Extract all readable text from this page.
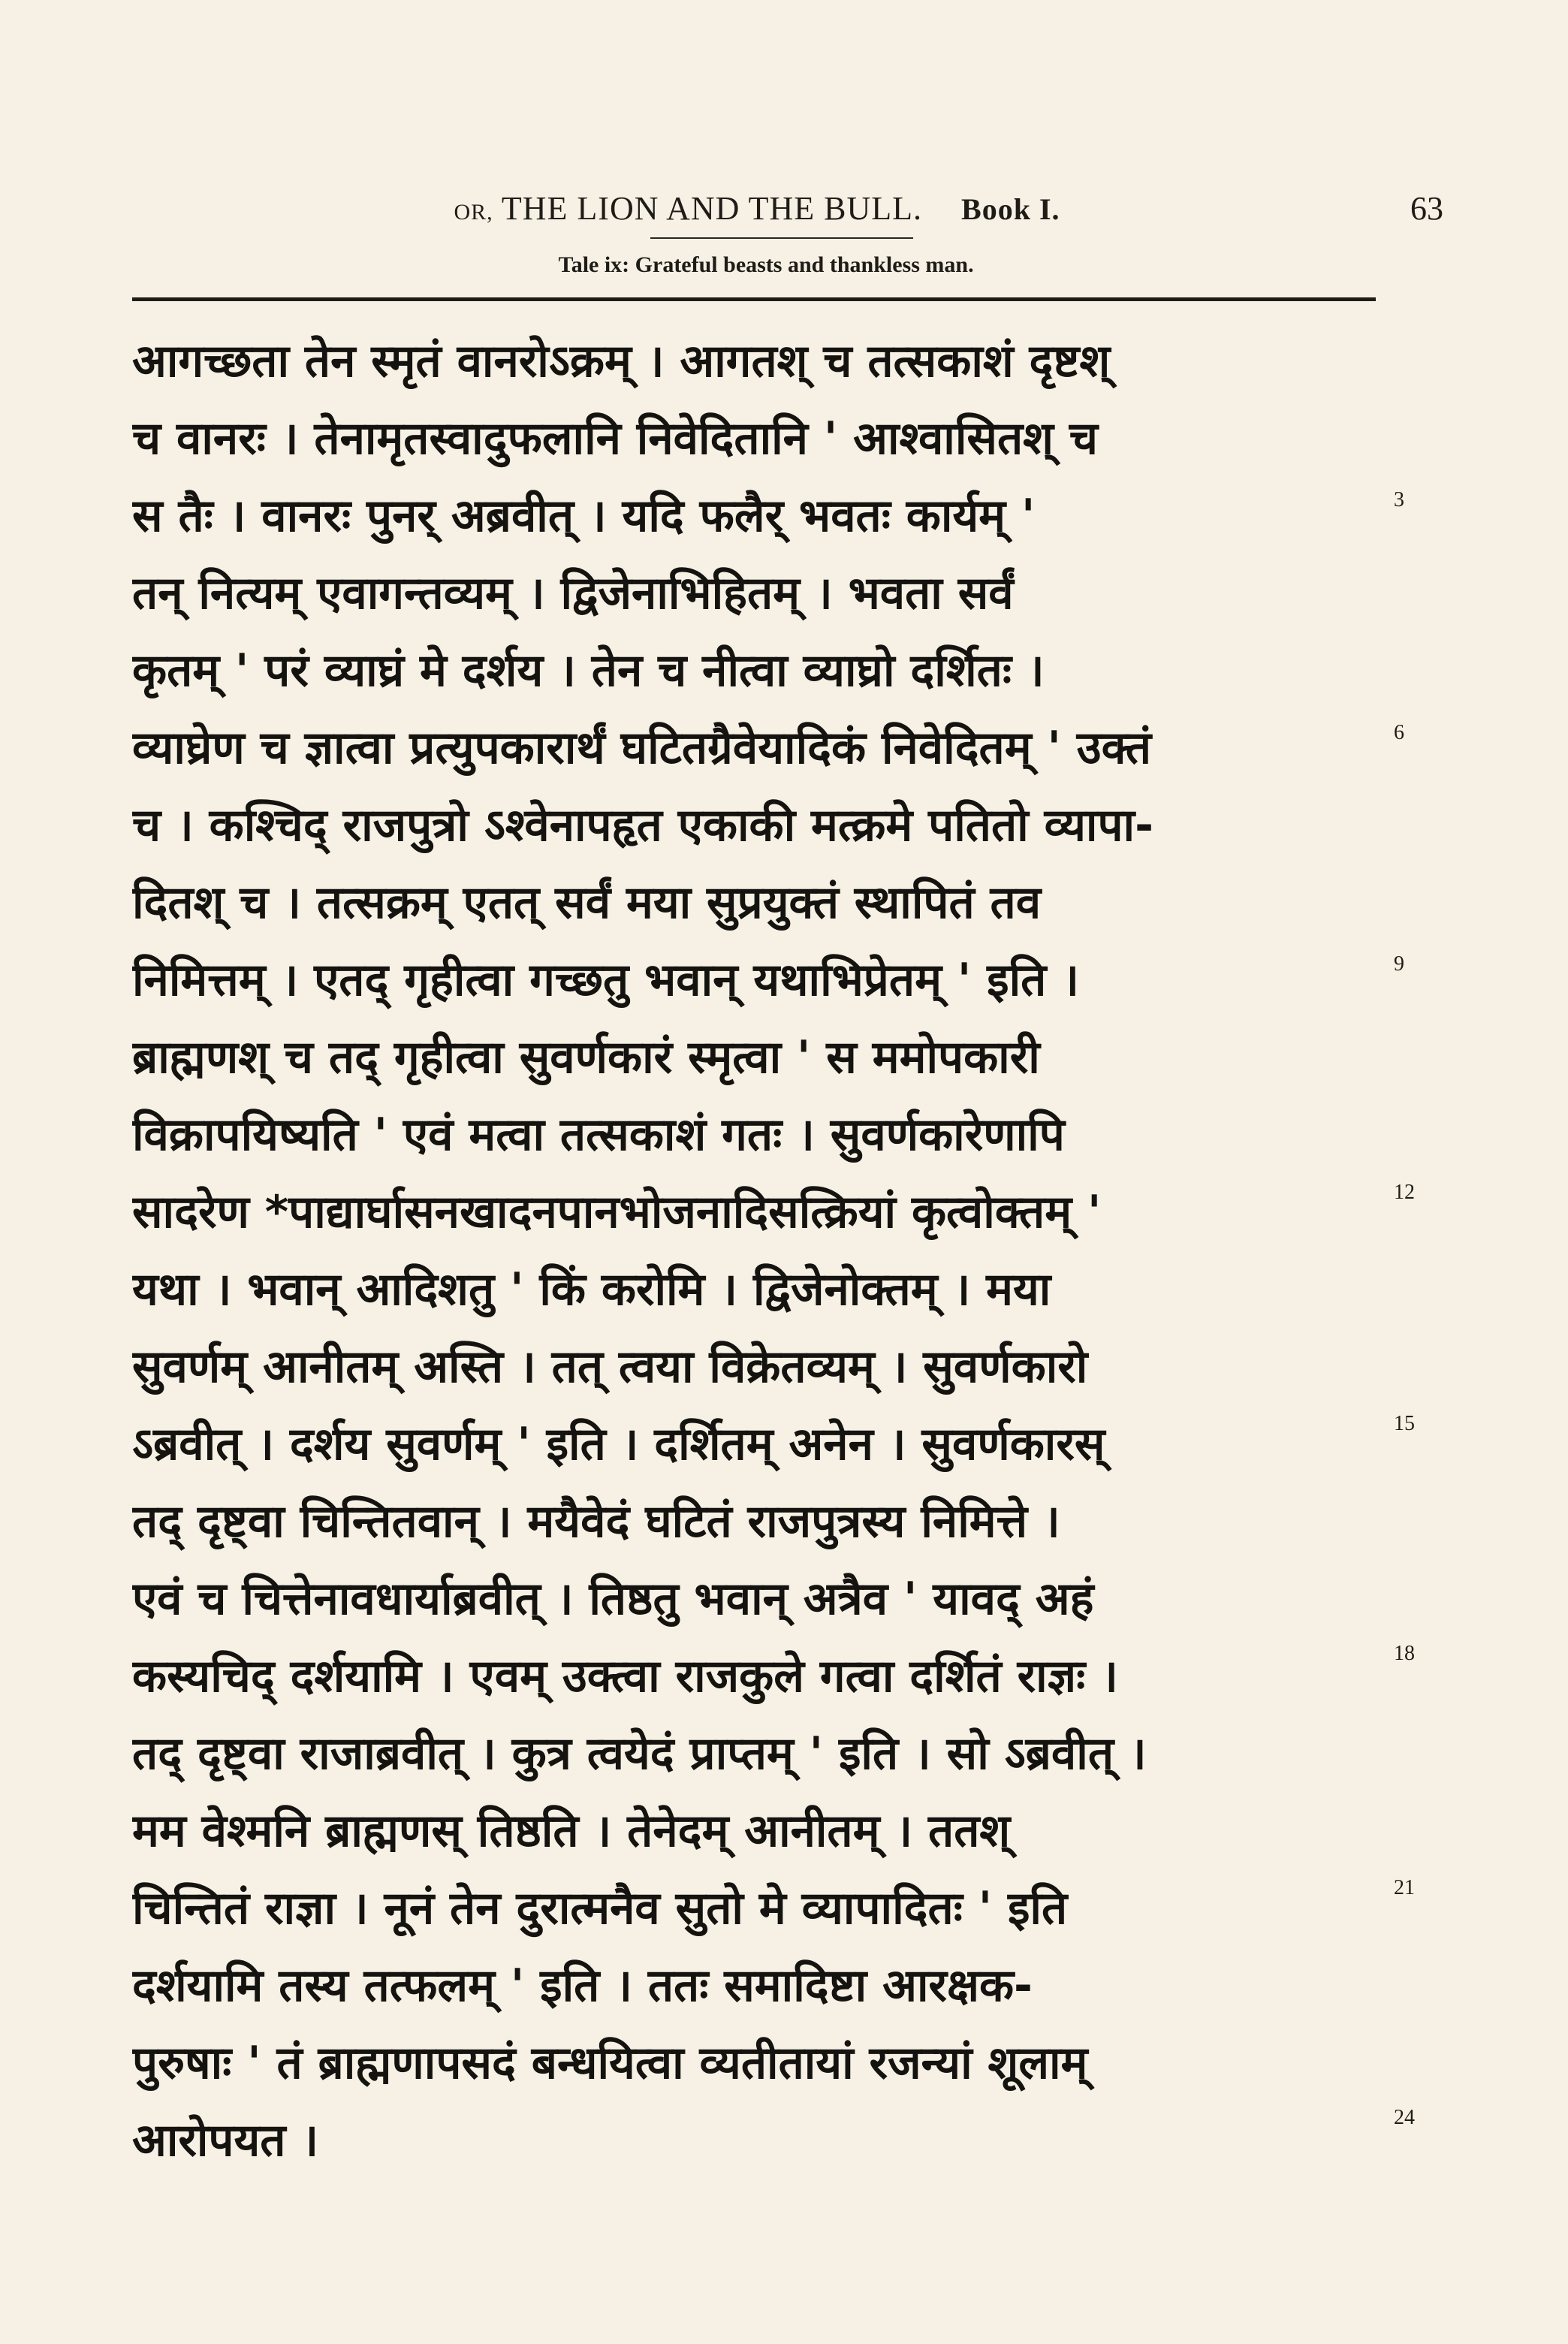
OR, THE LION AND THE BULL. Book I.	63
Tale ix: Grateful beasts and thankless man.
आगच्छता तेन स्मृतं वानरोऽक्रम् । आगतश् च तत्सकाशं दृष्टश्
च वानरः । तेनामृतस्वादुफलानि निवेदितानि ' आश्वासितश् च
स तैः । वानरः पुनर् अब्रवीत् । यदि फलैर् भवतः कार्यम् '
तन् नित्यम् एवागन्तव्यम् । द्विजेनाभिहितम् । भवता सर्वं
कृतम् ' परं व्याघ्रं मे दर्शय । तेन च नीत्वा व्याघ्रो दर्शितः ।
व्याघ्रेण च ज्ञात्वा प्रत्युपकारार्थं घटितग्रैवेयादिकं निवेदितम् ' उक्तं
च । कश्चिद् राजपुत्रो ऽश्वेनापहृत एकाकी मत्क्रमे पतितो व्यापा-
दितश् च । तत्सक्रम् एतत् सर्वं मया सुप्रयुक्तं स्थापितं तव
निमित्तम् । एतद् गृहीत्वा गच्छतु भवान् यथाभिप्रेतम् ' इति ।
ब्राह्मणश् च तद् गृहीत्वा सुवर्णकारं स्मृत्वा ' स ममोपकारी
विक्रापयिष्यति ' एवं मत्वा तत्सकाशं गतः । सुवर्णकारेणापि
सादरेण *पाद्यार्घासनखादनपानभोजनादिसत्क्रियां कृत्वोक्तम् '
यथा । भवान् आदिशतु ' किं करोमि । द्विजेनोक्तम् । मया
सुवर्णम् आनीतम् अस्ति । तत् त्वया विक्रेतव्यम् । सुवर्णकारो
ऽब्रवीत् । दर्शय सुवर्णम् ' इति । दर्शितम् अनेन । सुवर्णकारस्
तद् दृष्ट्वा चिन्तितवान् । मयैवेदं घटितं राजपुत्रस्य निमित्ते ।
एवं च चित्तेनावधार्याब्रवीत् । तिष्ठतु भवान् अत्रैव ' यावद् अहं
कस्यचिद् दर्शयामि । एवम् उक्त्वा राजकुले गत्वा दर्शितं राज्ञः ।
तद् दृष्ट्वा राजाब्रवीत् । कुत्र त्वयेदं प्राप्तम् ' इति । सो ऽब्रवीत् ।
मम वेश्मनि ब्राह्मणस् तिष्ठति । तेनेदम् आनीतम् । ततश्
चिन्तितं राज्ञा । नूनं तेन दुरात्मनैव सुतो मे व्यापादितः ' इति
दर्शयामि तस्य तत्फलम् ' इति । ततः समादिष्टा आरक्षक-
पुरुषाः ' तं ब्राह्मणापसदं बन्धयित्वा व्यतीतायां रजन्यां शूलाम्
आरोपयत ।
3
6
9
12
15
18
21
24
